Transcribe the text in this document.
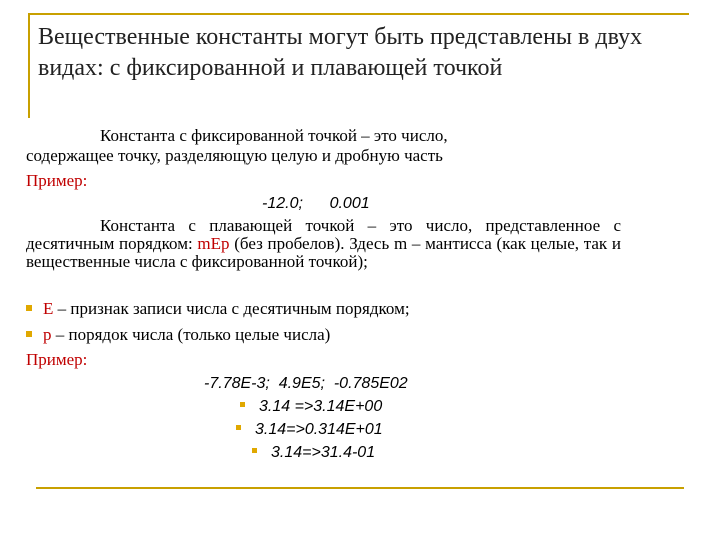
Вещественные константы могут быть представлены в двух видах: с фиксированной и плавающей точкой
Константа с фиксированной точкой – это число,
содержащее точку, разделяющую целую и дробную часть
Пример:
-12.0;      0.001
Константа с плавающей точкой – это число, представленное с десятичным порядком: mEp (без пробелов). Здесь m – мантисса (как целые, так и вещественные числа с фиксированной точкой);
E – признак записи числа с десятичным порядком;
p – порядок числа (только целые числа)
Пример:
-7.78E-3;  4.9E5;  -0.785E02
3.14 =>3.14E+00
3.14=>0.314E+01
3.14=>31.4-01
